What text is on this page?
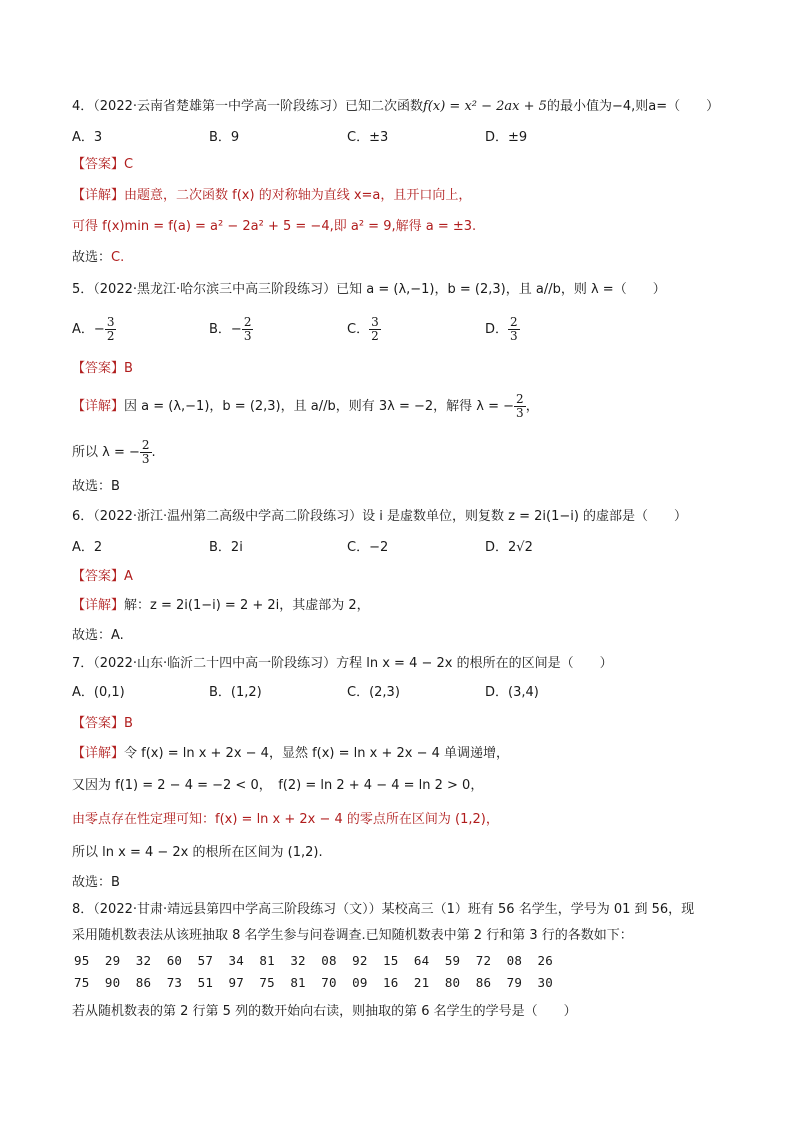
4．（2022·云南省楚雄第一中学高一阶段练习）已知二次函数f(x) = x² − 2ax + 5的最小值为−4,则a=（　　）
A．3	B．9	C．±3	D．±9
【答案】C
【详解】由题意，二次函数 f(x) 的对称轴为直线 x=a，且开口向上，
可得 f(x)min = f(a) = a² − 2a² + 5 = −4,即 a² = 9,解得 a = ±3.
故选：C.
5．（2022·黑龙江·哈尔滨三中高三阶段练习）已知 a = (λ,−1)，b = (2,3)，且 a//b，则 λ =（　　）
A．− $\frac{3}{2}$	B．− $\frac{2}{3}$	C． $\frac{3}{2}$	D． $\frac{2}{3}$
【答案】B
【详解】因 a = (λ,−1)，b = (2,3)，且 a//b，则有 3λ = −2，解得 λ = − $\frac{2}{3}$ ，
所以 λ = − $\frac{2}{3}$ .
故选：B
6．（2022·浙江·温州第二高级中学高二阶段练习）设 i 是虚数单位，则复数 z = 2i(1−i) 的虚部是（　　）
A．2	B．2i	C．−2	D．2√2
【答案】A
【详解】解：z = 2i(1−i) = 2 + 2i，其虚部为 2，
故选：A.
7．（2022·山东·临沂二十四中高一阶段练习）方程 ln x = 4 − 2x 的根所在的区间是（　　）
A．(0,1)	B．(1,2)	C．(2,3)	D．(3,4)
【答案】B
【详解】令 f(x) = ln x + 2x − 4，显然 f(x) = ln x + 2x − 4 单调递增，
又因为 f(1) = 2 − 4 = −2 < 0，　f(2) = ln 2 + 4 − 4 = ln 2 > 0，
由零点存在性定理可知：f(x) = ln x + 2x − 4 的零点所在区间为 (1,2)，
所以 ln x = 4 − 2x 的根所在区间为 (1,2).
故选：B
8．（2022·甘肃·靖远县第四中学高三阶段练习（文））某校高三（1）班有 56 名学生，学号为 01 到 56，现
采用随机数表法从该班抽取 8 名学生参与问卷调查.已知随机数表中第 2 行和第 3 行的各数如下：
95  29  32  60  57  34  81  32  08  92  15  64  59  72  08  26
75  90  86  73  51  97  75  81  70  09  16  21  80  86  79  30
若从随机数表的第 2 行第 5 列的数开始向右读，则抽取的第 6 名学生的学号是（　　）
